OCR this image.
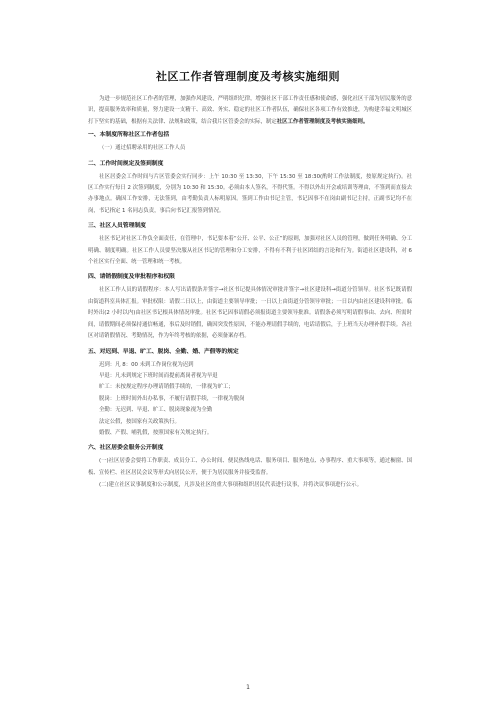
社区工作者管理制度及考核实施细则

为进一步规范社区工作者的管理，加强作风建设，严明组织纪律，增强社区干部工作责任感和使命感，强化社区干部为居民服务的意识，提高服务效率和质量，努力建设一支精干、高效、务实、稳定的社区工作者队伍，确保社区各项工作有效推进，为构建幸福文明城区打下坚实的基础，根据有关法律、法规和政策，结合我片区管委会的实际，制定社区工作者管理制度及考核实施细则。

一、本制度所称社区工作者包括

（一）通过招聘录用的社区工作人员

二、工作时间规定及签到制度

社区居委会工作时间与片区管委会实行同步：上午 10:30 至 13:30，下午 15:30 至 18:30(酌时工作法制度，按原规定执行)。社区工作实行每日 2 次签到制度，分别为 10:30 和 15:30。必须由本人签名，不得代签。不得以外出开会或培训等理由，不签到而直接去办事地点。确因工作安排，无法签到，由考勤负责人标明原因。签到工作由书记主管，书记因事不在岗由副书记主持，正副书记均不在岗，书记指定 1 名同志负责，事后向书记汇报签到情况。

三、社区人员管理制度

社区书记对社区工作负全面责任，在管理中，书记要本着“公开、公平、公正”的原则，加强对社区人员的管理，做到任务明确、分工明确、制度明确。社区工作人员要坚决服从社区书记的管理和分工安排，不得有不利于社区团结的言论和行为。街道社区建设科，对 6 个社区实行全面、统一管理和统一考核。

四、请销假制度及审批程序和权限

社区工作人员的请假程序：本人写出请假条并签字→社区书记提具体情况审批并签字→社区建设科→街道分管领导。社区书记既请假由街道科室具体汇报。审批权限：请假二日以上，由街道主要领导审批；一日以上由街道分管领导审批；一日以内由社区建设科审批。临时外出(2 小时以内)由社区书记根具体情况审批。社区书记因事请假必须报街道主要领导批准。请假条必须写明请假事由、去向、所需时间，请假期间必须保持通信畅通，事后及时销假，确因突发性原因，不能办理请假手续的，电话请假后，于上班当天办理补假手续。各社区对请销假情况、考勤情况，作为年终考核的依据，必须备案存档。

五、对迟到、早退、旷工、脱岗、全勤、婚、产假等的规定

迟到：凡 8：00 未到工作岗位视为迟到

早退：凡未到规定下班时间而提前离岗者视为早退

旷工：未按规定程序办理请销假手续的，一律视为旷工；

脱岗：上班时间外出办私事，不履行请假手续，一律视为脱岗

全勤：无迟到、早退、旷工、脱岗现象视为全勤

法定公假，按国家有关政策执行。

婚假、产假、哺乳假，按照国家有关规定执行。

六、社区居委会服务公开制度

(一)社区居委会要将工作职责、成员分工、办公时间、便民热线电话、服务项目、服务地点、办事程序、重大事项等，通过橱窗、国板、宣传栏、社区居民会议等形式向居民公开，便于为居民服务并接受监督。

(二)建立社区议事制度和公示制度，凡涉及社区的重大事项和组织居民代表进行议事，并将决议事项进行公示。

1
